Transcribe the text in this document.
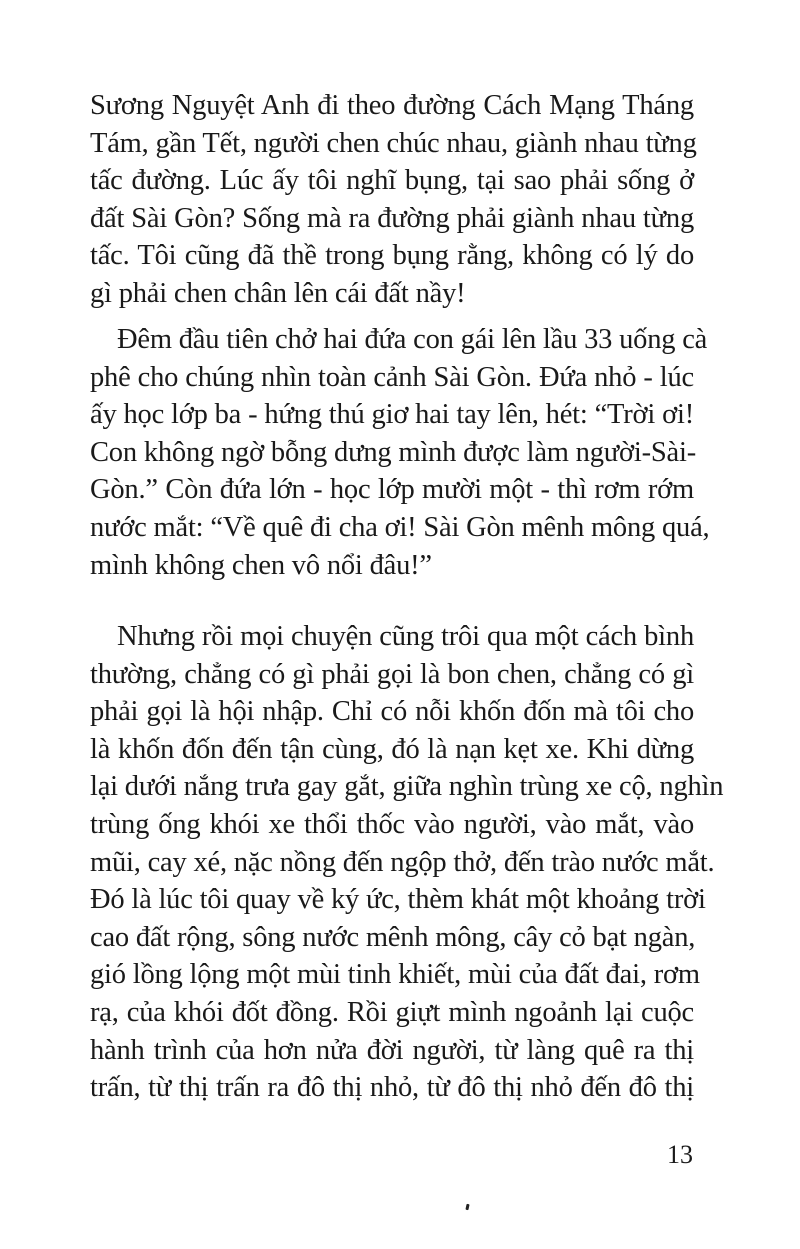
Sương Nguyệt Anh đi theo đường Cách Mạng Tháng
Tám, gần Tết, người chen chúc nhau, giành nhau từng
tấc đường. Lúc ấy tôi nghĩ bụng, tại sao phải sống ở
đất Sài Gòn? Sống mà ra đường phải giành nhau từng
tấc. Tôi cũng đã thề trong bụng rằng, không có lý do
gì phải chen chân lên cái đất nầy!
Đêm đầu tiên chở hai đứa con gái lên lầu 33 uống cà
phê cho chúng nhìn toàn cảnh Sài Gòn. Đứa nhỏ - lúc
ấy học lớp ba - hứng thú giơ hai tay lên, hét: “Trời ơi!
Con không ngờ bỗng dưng mình được làm người-Sài-
Gòn.” Còn đứa lớn - học lớp mười một - thì rơm rớm
nước mắt: “Về quê đi cha ơi! Sài Gòn mênh mông quá,
mình không chen vô nổi đâu!”
Nhưng rồi mọi chuyện cũng trôi qua một cách bình
thường, chẳng có gì phải gọi là bon chen, chẳng có gì
phải gọi là hội nhập. Chỉ có nỗi khốn đốn mà tôi cho
là khốn đốn đến tận cùng, đó là nạn kẹt xe. Khi dừng
lại dưới nắng trưa gay gắt, giữa nghìn trùng xe cộ, nghìn
trùng ống khói xe thổi thốc vào người, vào mắt, vào
mũi, cay xé, nặc nồng đến ngộp thở, đến trào nước mắt.
Đó là lúc tôi quay về ký ức, thèm khát một khoảng trời
cao đất rộng, sông nước mênh mông, cây cỏ bạt ngàn,
gió lồng lộng một mùi tinh khiết, mùi của đất đai, rơm
rạ, của khói đốt đồng. Rồi giựt mình ngoảnh lại cuộc
hành trình của hơn nửa đời người, từ làng quê ra thị
trấn, từ thị trấn ra đô thị nhỏ, từ đô thị nhỏ đến đô thị
13
